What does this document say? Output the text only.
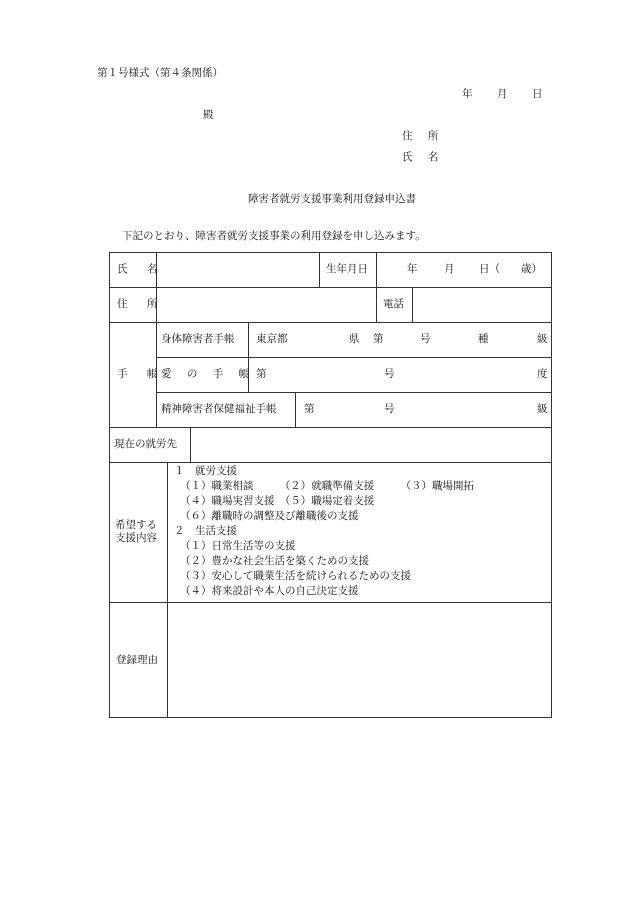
第１号様式（第４条関係）
年 月 日
殿
住 所
氏 名
障害者就労支援事業利用登録申込書
下記のとおり、障害者就労支援事業の利用登録を申し込みます。
氏 名	生年月日	年	月 日（ 歳）
住 所	電話
手 帳
身体障害者手帳 東京都	県 第	号	種	級
愛 の 手 帳 第	号	度
精神障害者保健福祉手帳	第	号	級
現在の就労先
希望する
支援内容
１　就労支援
（１）職業相談　　　（２）就職準備支援　　　（３）職場開拓
（４）職場実習支援　（５）職場定着支援
（６）離職時の調整及び離職後の支援
２　生活支援
（１）日常生活等の支援
（２）豊かな社会生活を築くための支援
（３）安心して職業生活を続けられるための支援
（４）将来設計や本人の自己決定支援
登録理由
